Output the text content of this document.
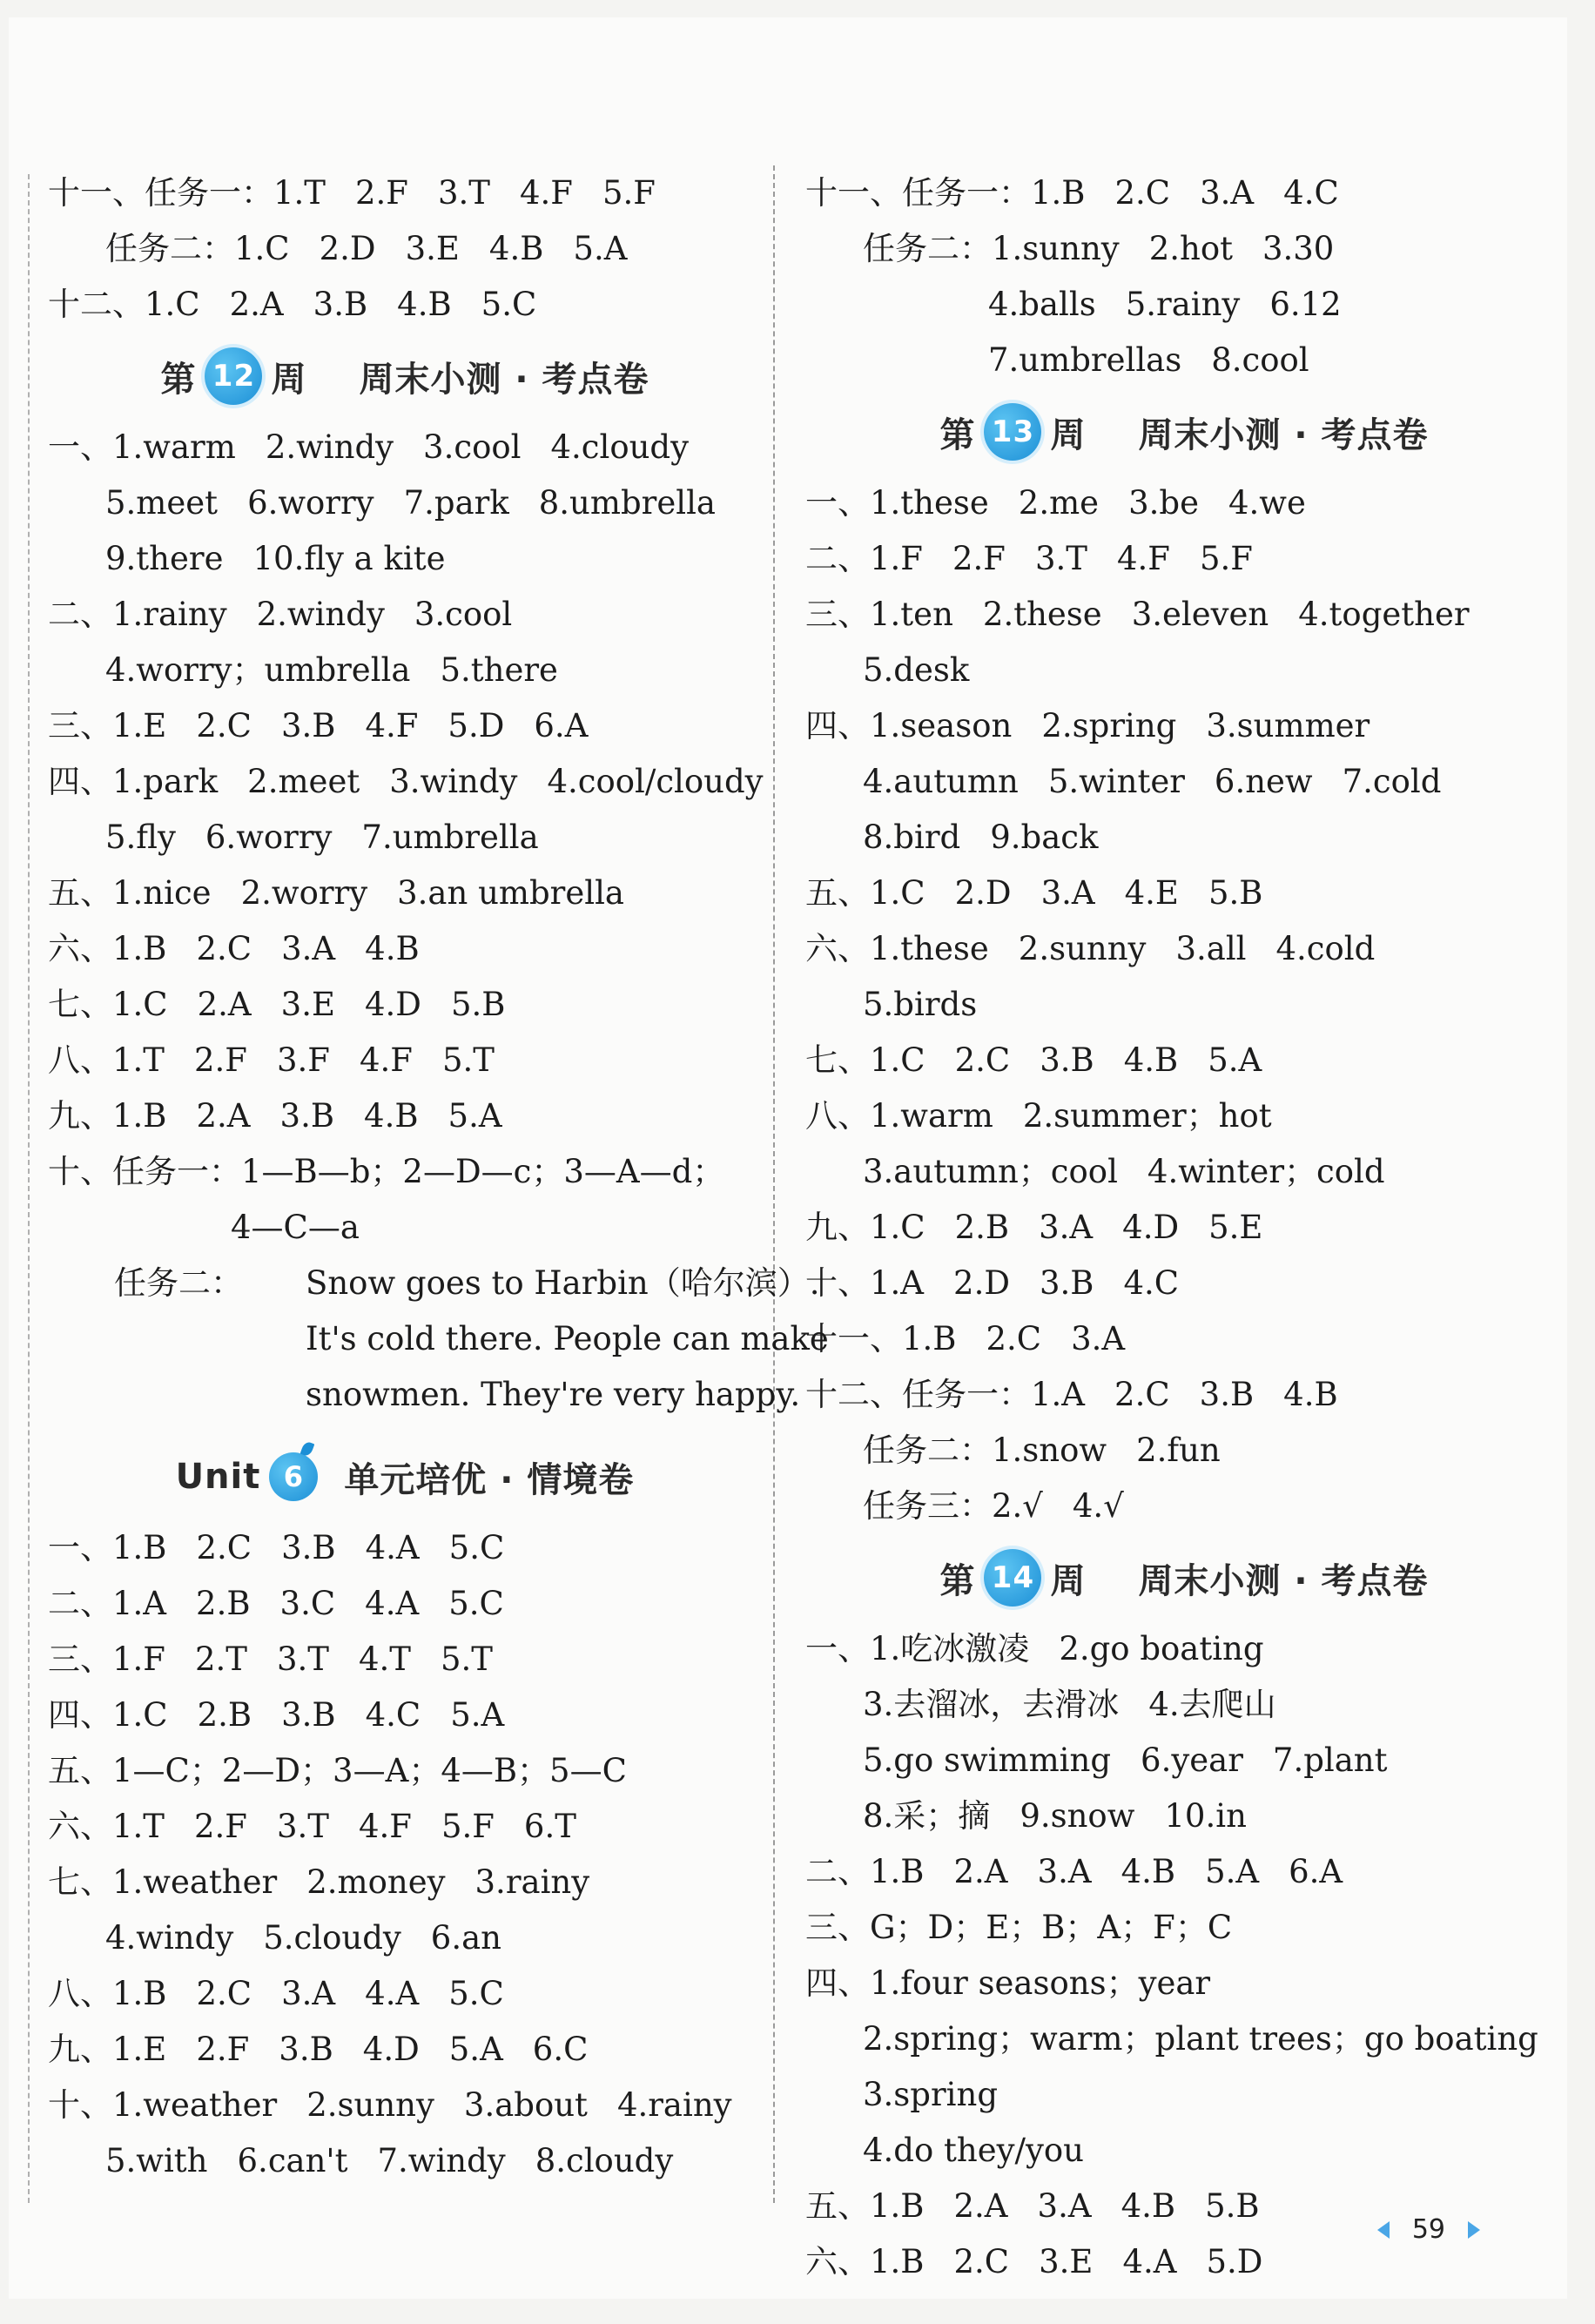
十一、任务一：1.T 2.F 3.T 4.F 5.F
任务二：1.C 2.D 3.E 4.B 5.A
十二、1.C 2.A 3.B 4.B 5.C
第 12 周 周末小测 · 考点卷
一、1.warm 2.windy 3.cool 4.cloudy
5.meet 6.worry 7.park 8.umbrella
9.there 10.fly a kite
二、1.rainy 2.windy 3.cool
4.worry；umbrella 5.there
三、1.E 2.C 3.B 4.F 5.D 6.A
四、1.park 2.meet 3.windy 4.cool/cloudy
5.fly 6.worry 7.umbrella
五、1.nice 2.worry 3.an umbrella
六、1.B 2.C 3.A 4.B
七、1.C 2.A 3.E 4.D 5.B
八、1.T 2.F 3.F 4.F 5.T
九、1.B 2.A 3.B 4.B 5.A
十、任务一：1—B—b；2—D—c；3—A—d；
4—C—a
任务二： Snow goes to Harbin（哈尔滨）.
It's cold there. People can make
snowmen. They're very happy.
Unit 6 单元培优 · 情境卷
一、1.B 2.C 3.B 4.A 5.C
二、1.A 2.B 3.C 4.A 5.C
三、1.F 2.T 3.T 4.T 5.T
四、1.C 2.B 3.B 4.C 5.A
五、1—C；2—D；3—A；4—B；5—C
六、1.T 2.F 3.T 4.F 5.F 6.T
七、1.weather 2.money 3.rainy
4.windy 5.cloudy 6.an
八、1.B 2.C 3.A 4.A 5.C
九、1.E 2.F 3.B 4.D 5.A 6.C
十、1.weather 2.sunny 3.about 4.rainy
5.with 6.can't 7.windy 8.cloudy
十一、任务一：1.B 2.C 3.A 4.C
任务二：1.sunny 2.hot 3.30
4.balls 5.rainy 6.12
7.umbrellas 8.cool
第 13 周 周末小测 · 考点卷
一、1.these 2.me 3.be 4.we
二、1.F 2.F 3.T 4.F 5.F
三、1.ten 2.these 3.eleven 4.together
5.desk
四、1.season 2.spring 3.summer
4.autumn 5.winter 6.new 7.cold
8.bird 9.back
五、1.C 2.D 3.A 4.E 5.B
六、1.these 2.sunny 3.all 4.cold
5.birds
七、1.C 2.C 3.B 4.B 5.A
八、1.warm 2.summer；hot
3.autumn；cool 4.winter；cold
九、1.C 2.B 3.A 4.D 5.E
十、1.A 2.D 3.B 4.C
十一、1.B 2.C 3.A
十二、任务一：1.A 2.C 3.B 4.B
任务二：1.snow 2.fun
任务三：2.√ 4.√
第 14 周 周末小测 · 考点卷
一、1.吃冰激凌 2.go boating
3.去溜冰，去滑冰 4.去爬山
5.go swimming 6.year 7.plant
8.采；摘 9.snow 10.in
二、1.B 2.A 3.A 4.B 5.A 6.A
三、G；D；E；B；A；F；C
四、1.four seasons；year
2.spring；warm；plant trees；go boating
3.spring
4.do they/you
五、1.B 2.A 3.A 4.B 5.B
六、1.B 2.C 3.E 4.A 5.D
59
